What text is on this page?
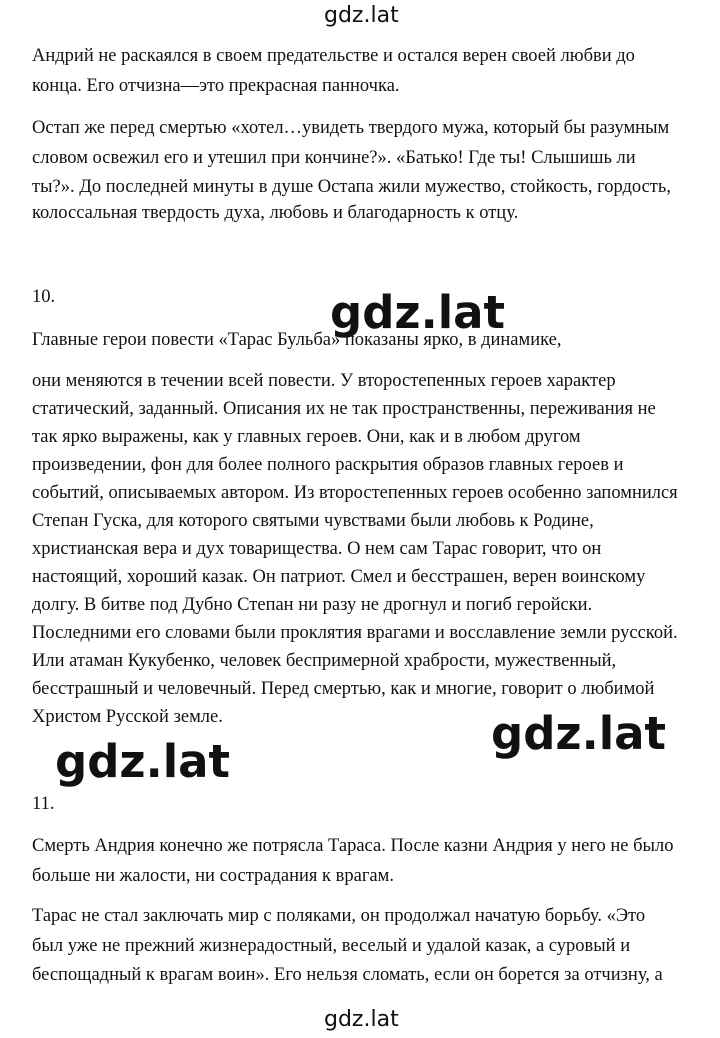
gdz.lat
gdz.lat
Андрий не раскаялся в своем предательстве и остался верен своей любви до
конца. Его отчизна—это прекрасная панночка.
Остап же перед смертью «хотел…увидеть твердого мужа, который бы разумным
словом освежил его и утешил при кончине?». «Батько! Где ты! Слышишь ли
ты?». До последней минуты в душе Остапа жили мужество, стойкость, гордость,
колоссальная твердость духа, любовь и благодарность к отцу.
10.
Главные герои повести «Тарас Бульба» показаны ярко, в динамике,
они меняются в течении всей повести. У второстепенных героев характер
статический, заданный. Описания их не так пространственны, переживания не
так ярко выражены, как у главных героев. Они, как и в любом другом
произведении, фон для более полного раскрытия образов главных героев и
событий, описываемых автором. Из второстепенных героев особенно запомнился
Степан Гуска, для которого святыми чувствами были любовь к Родине,
христианская вера и дух товарищества. О нем сам Тарас говорит, что он
настоящий, хороший казак. Он патриот. Смел и бесстрашен, верен воинскому
долгу. В битве под Дубно Степан ни разу не дрогнул и погиб геройски.
Последними его словами были проклятия врагами и восславление земли русской.
Или атаман Кукубенко, человек беспримерной храбрости, мужественный,
бесстрашный и человечный. Перед смертью, как и многие, говорит о любимой
Христом Русской земле.
11.
Смерть Андрия конечно же потрясла Тараса. После казни Андрия у него не было
больше ни жалости, ни сострадания к врагам.
Тарас не стал заключать мир с поляками, он продолжал начатую борьбу. «Это
был уже не прежний жизнерадостный, веселый и удалой казак, а суровый и
беспощадный к врагам воин». Его нельзя сломать, если он борется за отчизну, а
gdz.lat
gdz.lat
gdz.lat
